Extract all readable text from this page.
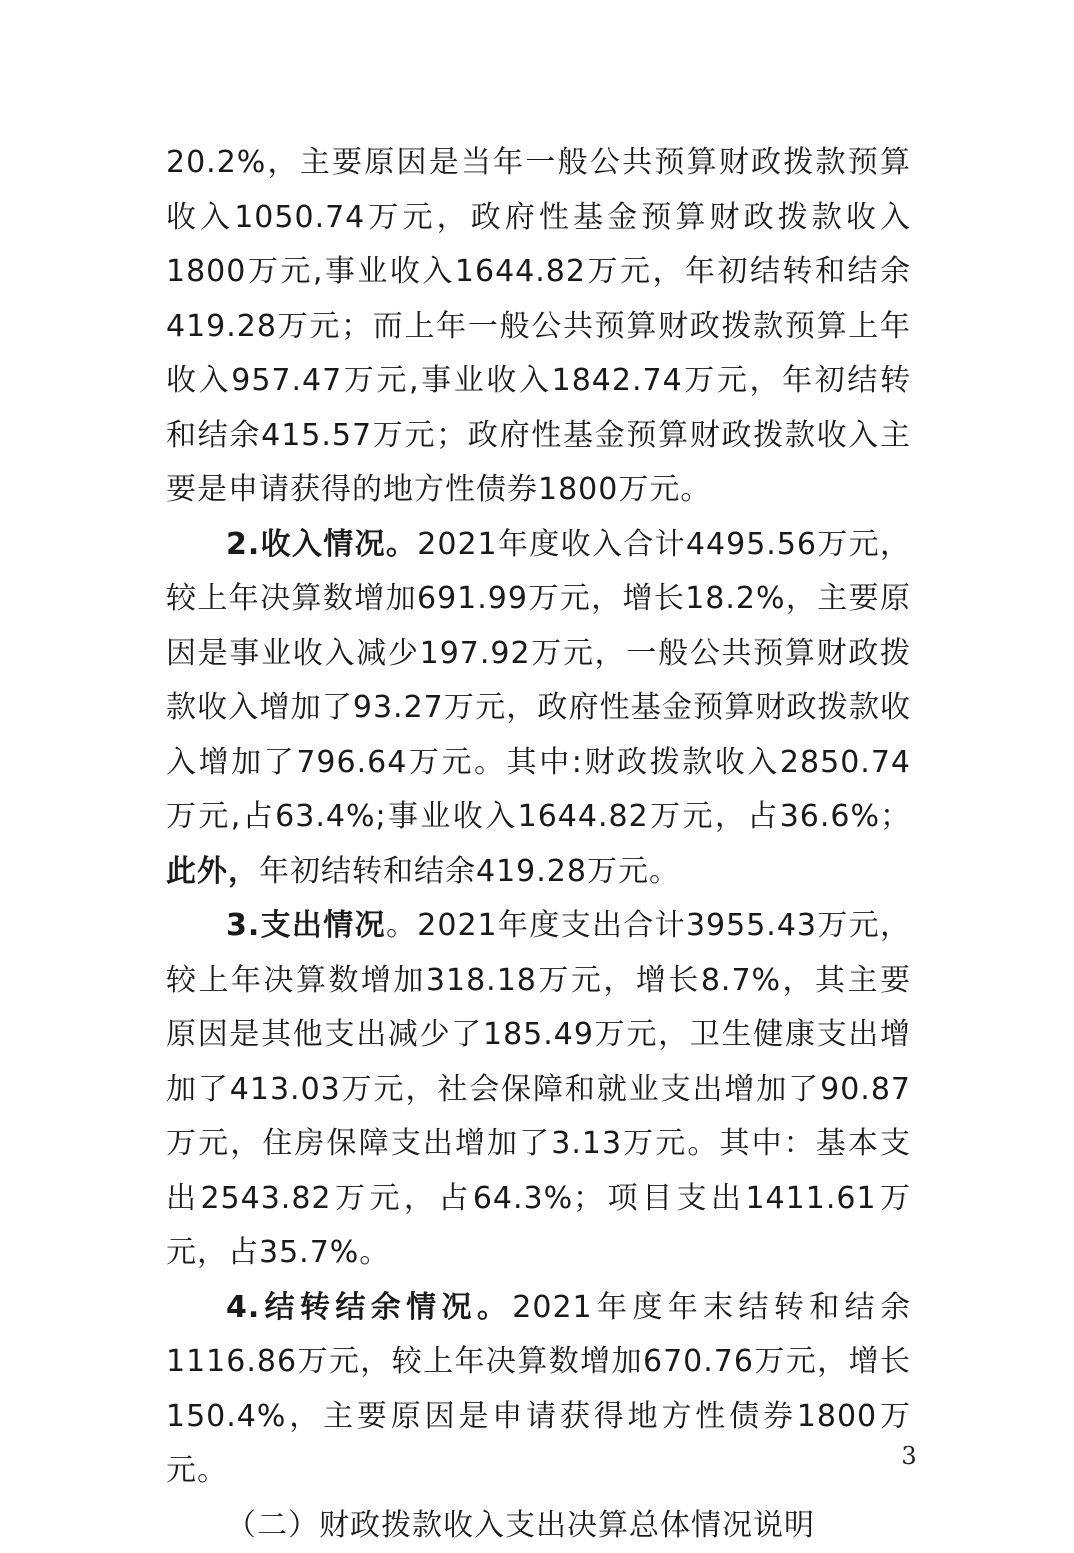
20.2%，主要原因是当年一般公共预算财政拨款预算收入1050.74万元，政府性基金预算财政拨款收入1800万元,事业收入1644.82万元，年初结转和结余419.28万元；而上年一般公共预算财政拨款预算上年收入957.47万元,事业收入1842.74万元，年初结转和结余415.57万元；政府性基金预算财政拨款收入主要是申请获得的地方性债券1800万元。

2.收入情况。2021年度收入合计4495.56万元，较上年决算数增加691.99万元，增长18.2%，主要原因是事业收入减少197.92万元，一般公共预算财政拨款收入增加了93.27万元，政府性基金预算财政拨款收入增加了796.64万元。其中:财政拨款收入2850.74万元,占63.4%;事业收入1644.82万元，占36.6%；此外，年初结转和结余419.28万元。

3.支出情况。2021年度支出合计3955.43万元，较上年决算数增加318.18万元，增长8.7%，其主要原因是其他支出减少了185.49万元，卫生健康支出增加了413.03万元，社会保障和就业支出增加了90.87万元，住房保障支出增加了3.13万元。其中：基本支出2543.82万元，占64.3%；项目支出1411.61万元，占35.7%。

4.结转结余情况。2021年度年末结转和结余1116.86万元，较上年决算数增加670.76万元，增长150.4%，主要原因是申请获得地方性债券1800万元。

（二）财政拨款收入支出决算总体情况说明

3
